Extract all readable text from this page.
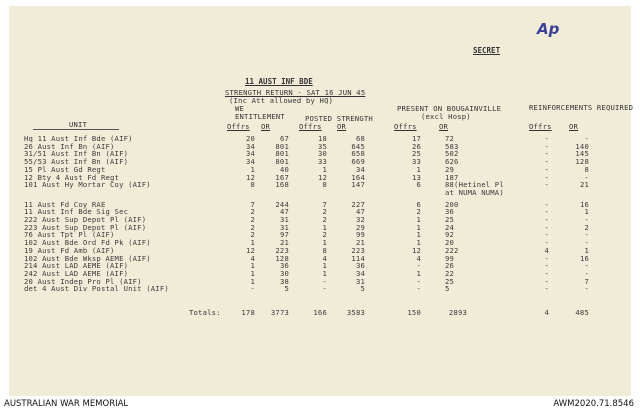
Ap
SECRET
11 AUST INF BDE
STRENGTH RETURN - SAT 16 JUN 45
(Inc Att allowed by HQ)
PRESENT ON BOUGAINVILLE
(excl Hosp)
REINFORCEMENTS REQUIRED
WE ENTITLEMENT	POSTED STRENGTH
UNIT	Offrs OR	Offrs OR	Offrs	OR	Offrs OR
Hq 11 Aust Inf Bde (AIF)	20	67	18	68	17	72	-	-
26 Aust Inf Bn (AIF)	34	801	35	645	26	583	-	140
31/51 Aust Inf Bn (AIF)	34	801	30	658	25	502	-	145
55/53 Aust Inf Bn (AIF)	34	801	33	669	33	626	-	128
15 Pl Aust Gd Regt	1	40	1	34	1	29	-	8
12 Bty 4 Aust Fd Regt	12	167	12	164	13	187	-	-
101 Aust Hy Mortar Coy (AIF)	8	168	8	147	6	88(Hetinel Pl	-	21
at NUMA NUMA)
11 Aust Fd Coy RAE	7	244	7	227	6	200	-	16
11 Aust Inf Bde Sig Sec	2	47	2	47	2	36	-	1
222 Aust Sup Depot Pl (AIF)	2	31	2	32	1	25	-	-
223 Aust Sup Depot Pl (AIF)	2	31	1	29	1	24	-	2
76 Aust Tpt Pl (AIF)	2	97	2	99	1	92	-	-
102 Aust Bde Ord Fd Pk (AIF)	1	21	1	21	1	20	-	-
19 Aust Fd Amb (AIF)	12	223	8	223	12	222	4	1
102 Aust Bde Wksp AEME (AIF)	4	128	4	114	4	99	-	16
214 Aust LAD AEME (AIF)	1	36	1	36	-	26	-	-
242 Aust LAD AEME (AIF)	1	30	1	34	1	22	-	-
20 Aust Indep Pro Pl (AIF)	1	38	-	31	-	25	-	7
det 4 Aust Div Postal Unit (AIF)	-	5	-	5	-	5	-	-
Totals:	178	3773	166	3583	150	2893	4	485
AUSTRALIAN WAR MEMORIAL	AWM2020.71.8546
